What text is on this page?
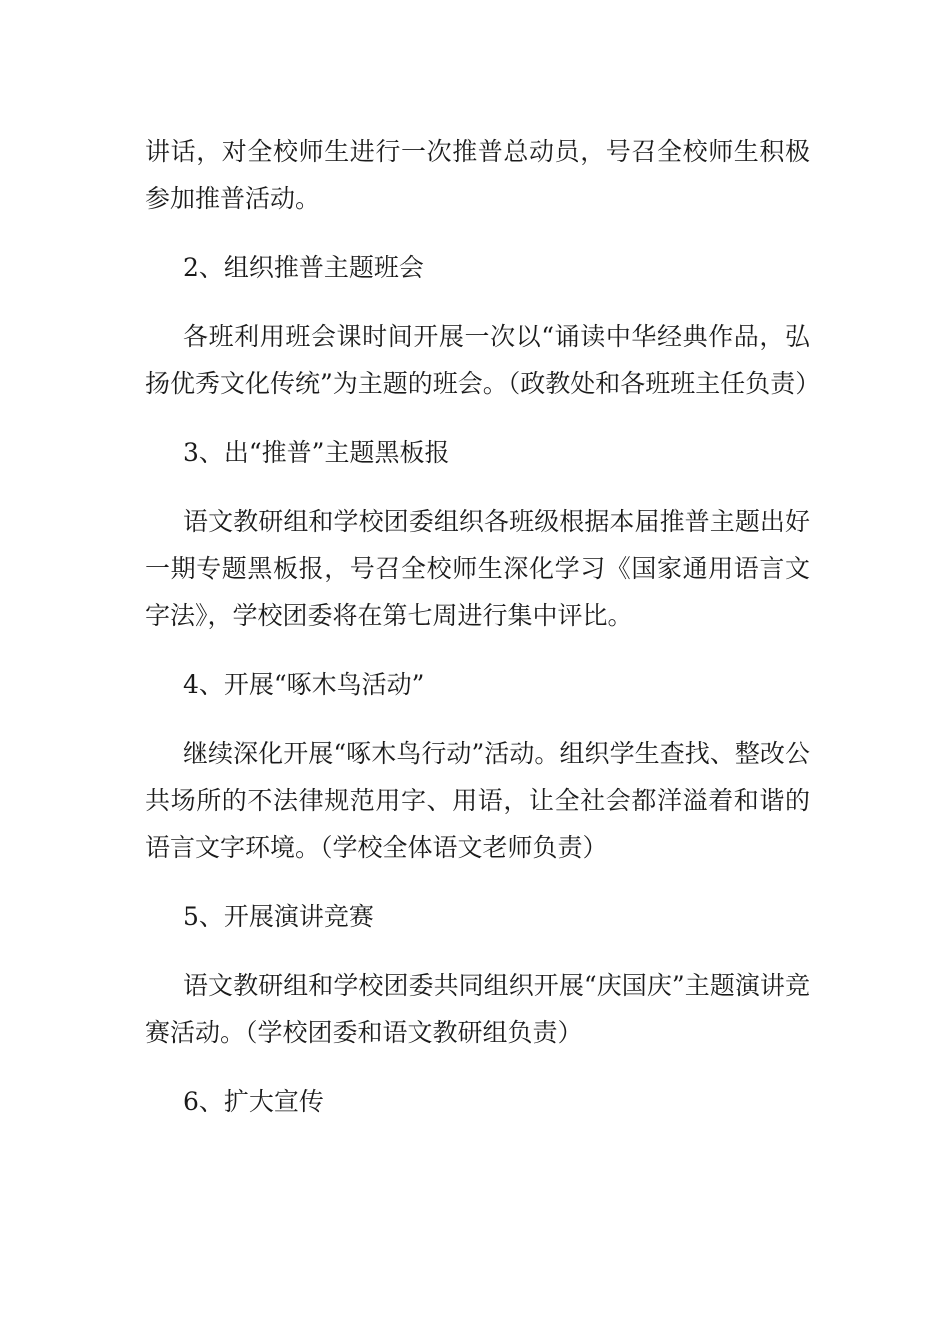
讲话，对全校师生进行一次推普总动员，号召全校师生积极参加推普活动。

2、组织推普主题班会

各班利用班会课时间开展一次以“诵读中华经典作品，弘扬优秀文化传统”为主题的班会。（政教处和各班班主任负责）

3、出“推普”主题黑板报

语文教研组和学校团委组织各班级根据本届推普主题出好一期专题黑板报，号召全校师生深化学习《国家通用语言文字法》，学校团委将在第七周进行集中评比。

4、开展“啄木鸟活动”

继续深化开展“啄木鸟行动”活动。组织学生查找、整改公共场所的不法律规范用字、用语，让全社会都洋溢着和谐的语言文字环境。（学校全体语文老师负责）

5、开展演讲竞赛

语文教研组和学校团委共同组织开展“庆国庆”主题演讲竞赛活动。（学校团委和语文教研组负责）

6、扩大宣传
